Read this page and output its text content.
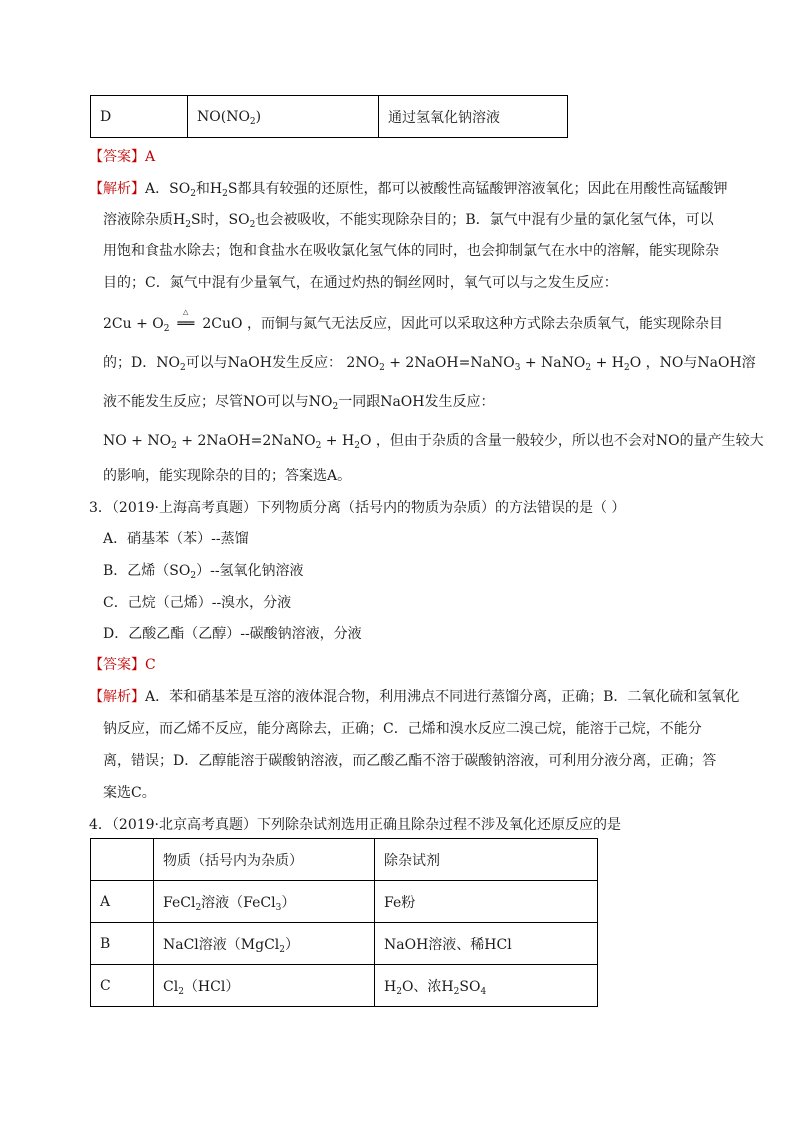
D	$NO(NO_2)$	通过氢氧化钠溶液
【答案】A
【解析】A．$SO_2$和$H_2S$都具有较强的还原性，都可以被酸性高锰酸钾溶液氧化；因此在用酸性高锰酸钾
溶液除杂质$H_2S$时，$SO_2$也会被吸收，不能实现除杂目的；B．氯气中混有少量的氯化氢气体，可以
用饱和食盐水除去；饱和食盐水在吸收氯化氢气体的同时，也会抑制氯气在水中的溶解，能实现除杂
目的；C．氮气中混有少量氧气，在通过灼热的铜丝网时，氧气可以与之发生反应：
$2Cu + O_2$
△
══ 2CuO ，而铜与氮气无法反应，因此可以采取这种方式除去杂质氧气，能实现除杂目
的；D．$NO_2$可以与NaOH发生反应： $2NO_2$ + 2NaOH=NaNO$_3$ + NaNO$_2$ + $H_2O$ ，NO与NaOH溶
液不能发生反应；尽管NO可以与$NO_2$一同跟NaOH发生反应：
NO + $NO_2$ + 2NaOH=2NaNO$_2$ + $H_2O$ ，但由于杂质的含量一般较少，所以也不会对NO的量产生较大
的影响，能实现除杂的目的；答案选A。
3．（2019·上海高考真题）下列物质分离（括号内的物质为杂质）的方法错误的是（ ）
A．硝基苯（苯）--蒸馏
B．乙烯$(SO_2)--$氢氧化钠溶液
C．己烷（己烯）--溴水，分液
D．乙酸乙酯（乙醇）--碳酸钠溶液，分液
【答案】C
【解析】A．苯和硝基苯是互溶的液体混合物，利用沸点不同进行蒸馏分离，正确；B．二氧化硫和氢氧化
钠反应，而乙烯不反应，能分离除去，正确；C．己烯和溴水反应二溴己烷，能溶于己烷，不能分
离，错误；D．乙醇能溶于碳酸钠溶液，而乙酸乙酯不溶于碳酸钠溶液，可利用分液分离，正确；答
案选C。
4．（2019·北京高考真题）下列除杂试剂选用正确且除杂过程不涉及氧化还原反应的是
	物质（括号内为杂质）	除杂试剂
A	FeCl$_2$溶液（FeCl$_3$）	Fe粉
B	NaCl溶液（MgCl$_2$）	NaOH溶液、稀HCl
C	$Cl_2(HCl)$	$H_2O$、浓$H_2SO_4$
